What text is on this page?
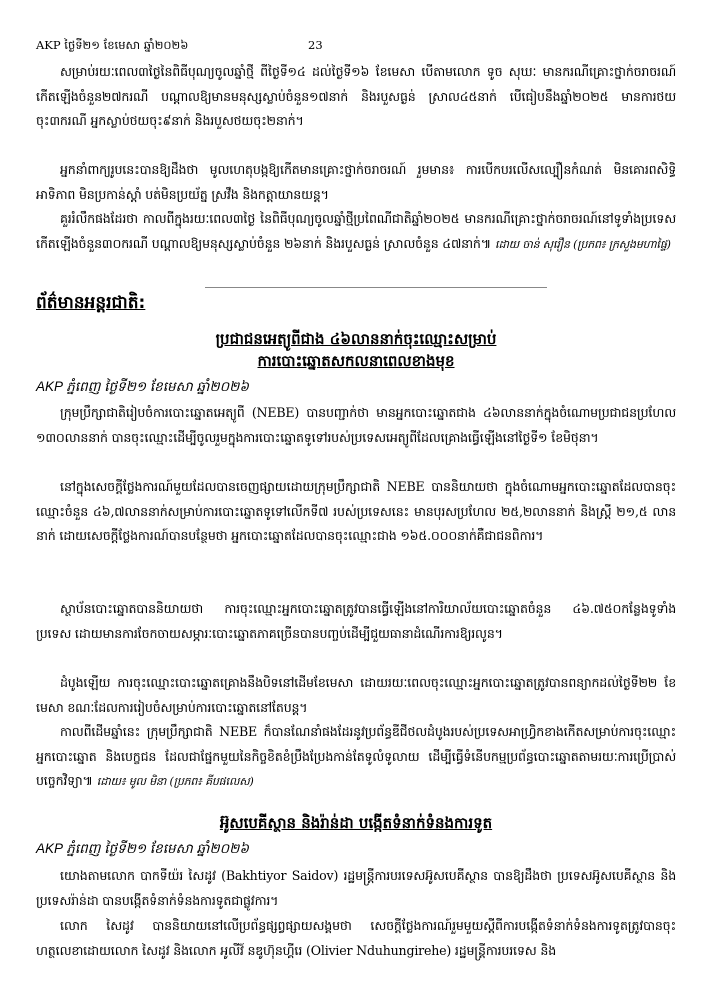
AKP ថ្ងៃទី២១ ខែមេសា ឆ្នាំ២០២៦	23

សម្រាប់រយៈពេល៣ថ្ងៃនៃពិធីបុណ្យចូលឆ្នាំថ្មី ពីថ្ងៃទី១៤ ដល់ថ្ងៃទី១៦ ខែមេសា បើតាមលោក ទូច សុឃៈ មានករណីគ្រោះថ្នាក់ចរាចរណ៍កើតឡើងចំនួន២៧ករណី បណ្ដាលឱ្យមានមនុស្សស្លាប់ចំនួន១៧នាក់ និងរបួសធ្ងន់ ស្រាល៤៥នាក់ បើធៀបនឹងឆ្នាំ២០២៥ មានការថយចុះ៣ករណី អ្នកស្លាប់ថយចុះ៩នាក់ និងរបួសថយចុះ២នាក់។

អ្នកនាំពាក្យរូបនេះបានឱ្យដឹងថា មូលហេតុបង្កឱ្យកើតមានគ្រោះថ្នាក់ចរាចរណ៍ រួមមាន៖ ការបើកបរលើសល្បឿនកំណត់ មិនគោរពសិទ្ធិអាទិភាព មិនប្រកាន់ស្ដាំ បត់មិនប្រយ័ត្ន ស្រវឹង និងកត្តាយានយន្ត។

គួររំលឹកផងដែរថា កាលពីក្នុងរយៈពេល៣ថ្ងៃ នៃពិធីបុណ្យចូលឆ្នាំថ្មីប្រពៃណីជាតិឆ្នាំ២០២៥ មានករណីគ្រោះថ្នាក់ចរាចរណ៍នៅទូទាំងប្រទេសកើតឡើងចំនួន៣០ករណី បណ្ដាលឱ្យមនុស្សស្លាប់ចំនួន ២៦នាក់ និងរបួសធ្ងន់ ស្រាលចំនួន ៤៧នាក់៕ ដោយ ចាន់ សុរឿន (ប្រភព៖ ក្រសួងមហាផ្ទៃ)

ព័ត៌មានអន្តរជាតិ:
ប្រជាជនអេត្យូពីជាង ៤៦លាននាក់ចុះឈ្មោះសម្រាប់
ការបោះឆ្នោតសកលនាពេលខាងមុខ

AKP ភ្នំពេញ ថ្ងៃទី២១ ខែមេសា ឆ្នាំ២០២៦

ក្រុមប្រឹក្សាជាតិរៀបចំការបោះឆ្នោតអេត្យូពី (NEBE) បានបញ្ជាក់ថា មានអ្នកបោះឆ្នោតជាង ៤៦លាននាក់ក្នុងចំណោមប្រជាជនប្រហែល ១៣០លាននាក់ បានចុះឈ្មោះដើម្បីចូលរួមក្នុងការបោះឆ្នោតទូទៅរបស់ប្រទេសអេត្យូពីដែលគ្រោងធ្វើឡើងនៅថ្ងៃទី១ ខែមិថុនា។

នៅក្នុងសេចក្ដីថ្លែងការណ៍មួយដែលបានចេញផ្សាយដោយក្រុមប្រឹក្សាជាតិ NEBE បាននិយាយថា ក្នុងចំណោមអ្នកបោះឆ្នោតដែលបានចុះឈ្មោះចំនួន ៤៦,៧លាននាក់សម្រាប់ការបោះឆ្នោតទូទៅលើកទី៧ របស់ប្រទេសនេះ មានបុរសប្រហែល ២៥,២លាននាក់ និងស្ត្រី ២១,៥ លាននាក់ ដោយសេចក្ដីថ្លែងការណ៍បានបន្ថែមថា អ្នកបោះឆ្នោតដែលបានចុះឈ្មោះជាង ១៦៥.០០០នាក់គឺជាជនពិការ។

ស្ថាប័នបោះឆ្នោតបាននិយាយថា ការចុះឈ្មោះអ្នកបោះឆ្នោតត្រូវបានធ្វើឡើងនៅការិយាល័យបោះឆ្នោតចំនួន ៤៦.៧៥០កន្លែងទូទាំងប្រទេស ដោយមានការចែកចាយសម្ភារៈបោះឆ្នោតភាគច្រើនបានបញ្ចប់ដើម្បីជួយធានាដំណើរការឱ្យរលូន។

ដំបូងឡើយ ការចុះឈ្មោះបោះឆ្នោតគ្រោងនឹងបិទនៅដើមខែមេសា ដោយរយៈពេលចុះឈ្មោះអ្នកបោះឆ្នោតត្រូវបានពន្យាកដល់ថ្ងៃទី២២ ខែមេសា ខណៈដែលការរៀបចំសម្រាប់ការបោះឆ្នោតនៅតែបន្ត។

កាលពីដើមឆ្នាំនេះ ក្រុមប្រឹក្សាជាតិ NEBE ក៏បានណែនាំផងដែរនូវប្រព័ន្ធឌីជីថលដំបូងរបស់ប្រទេសអាហ្វ្រិកខាងកើតសម្រាប់ការចុះឈ្មោះអ្នកបោះឆ្នោត និងបេក្ខជន ដែលជាផ្នែកមួយនៃកិច្ចខិតខំប្រឹងប្រែងកាន់តែទូលំទូលាយ ដើម្បីធ្វើទំនើបកម្មប្រព័ន្ធបោះឆ្នោតតាមរយៈការប្រើប្រាស់បច្ចេកវិទ្យា៕ ដោយ៖ មូល មិនា (ប្រភព៖ គីបផលេស)

អ៊ូសបេគីស្ថាន និងរ៉ាន់ដា បង្កើតទំនាក់ទំនងការទូត

AKP ភ្នំពេញ ថ្ងៃទី២១ ខែមេសា ឆ្នាំ២០២៦

យោងតាមលោក បាកទីយ៉រ សៃដូវ (Bakhtiyor Saidov) រដ្ឋមន្ត្រីការបរទេសអ៊ូសបេគីស្ថាន បានឱ្យដឹងថា ប្រទេសអ៊ូសបេគីស្ថាន និងប្រទេសរ៉ាន់ដា បានបង្កើតទំនាក់ទំនងការទូតជាផ្លូវការ។

លោក សៃដូវ បាននិយាយនៅលើប្រព័ន្ធផ្សព្វផ្សាយសង្គមថា សេចក្ដីថ្លែងការណ៍រួមមួយស្ដីពីការបង្កើតទំនាក់ទំនងការទូតត្រូវបានចុះហត្ថលេខាដោយលោក សៃដូវ និងលោក អូលីវ៍ នឌូហ៊ុនហ្គីរេ (Olivier Nduhungirehe) រដ្ឋមន្ត្រីការបរទេស និង
